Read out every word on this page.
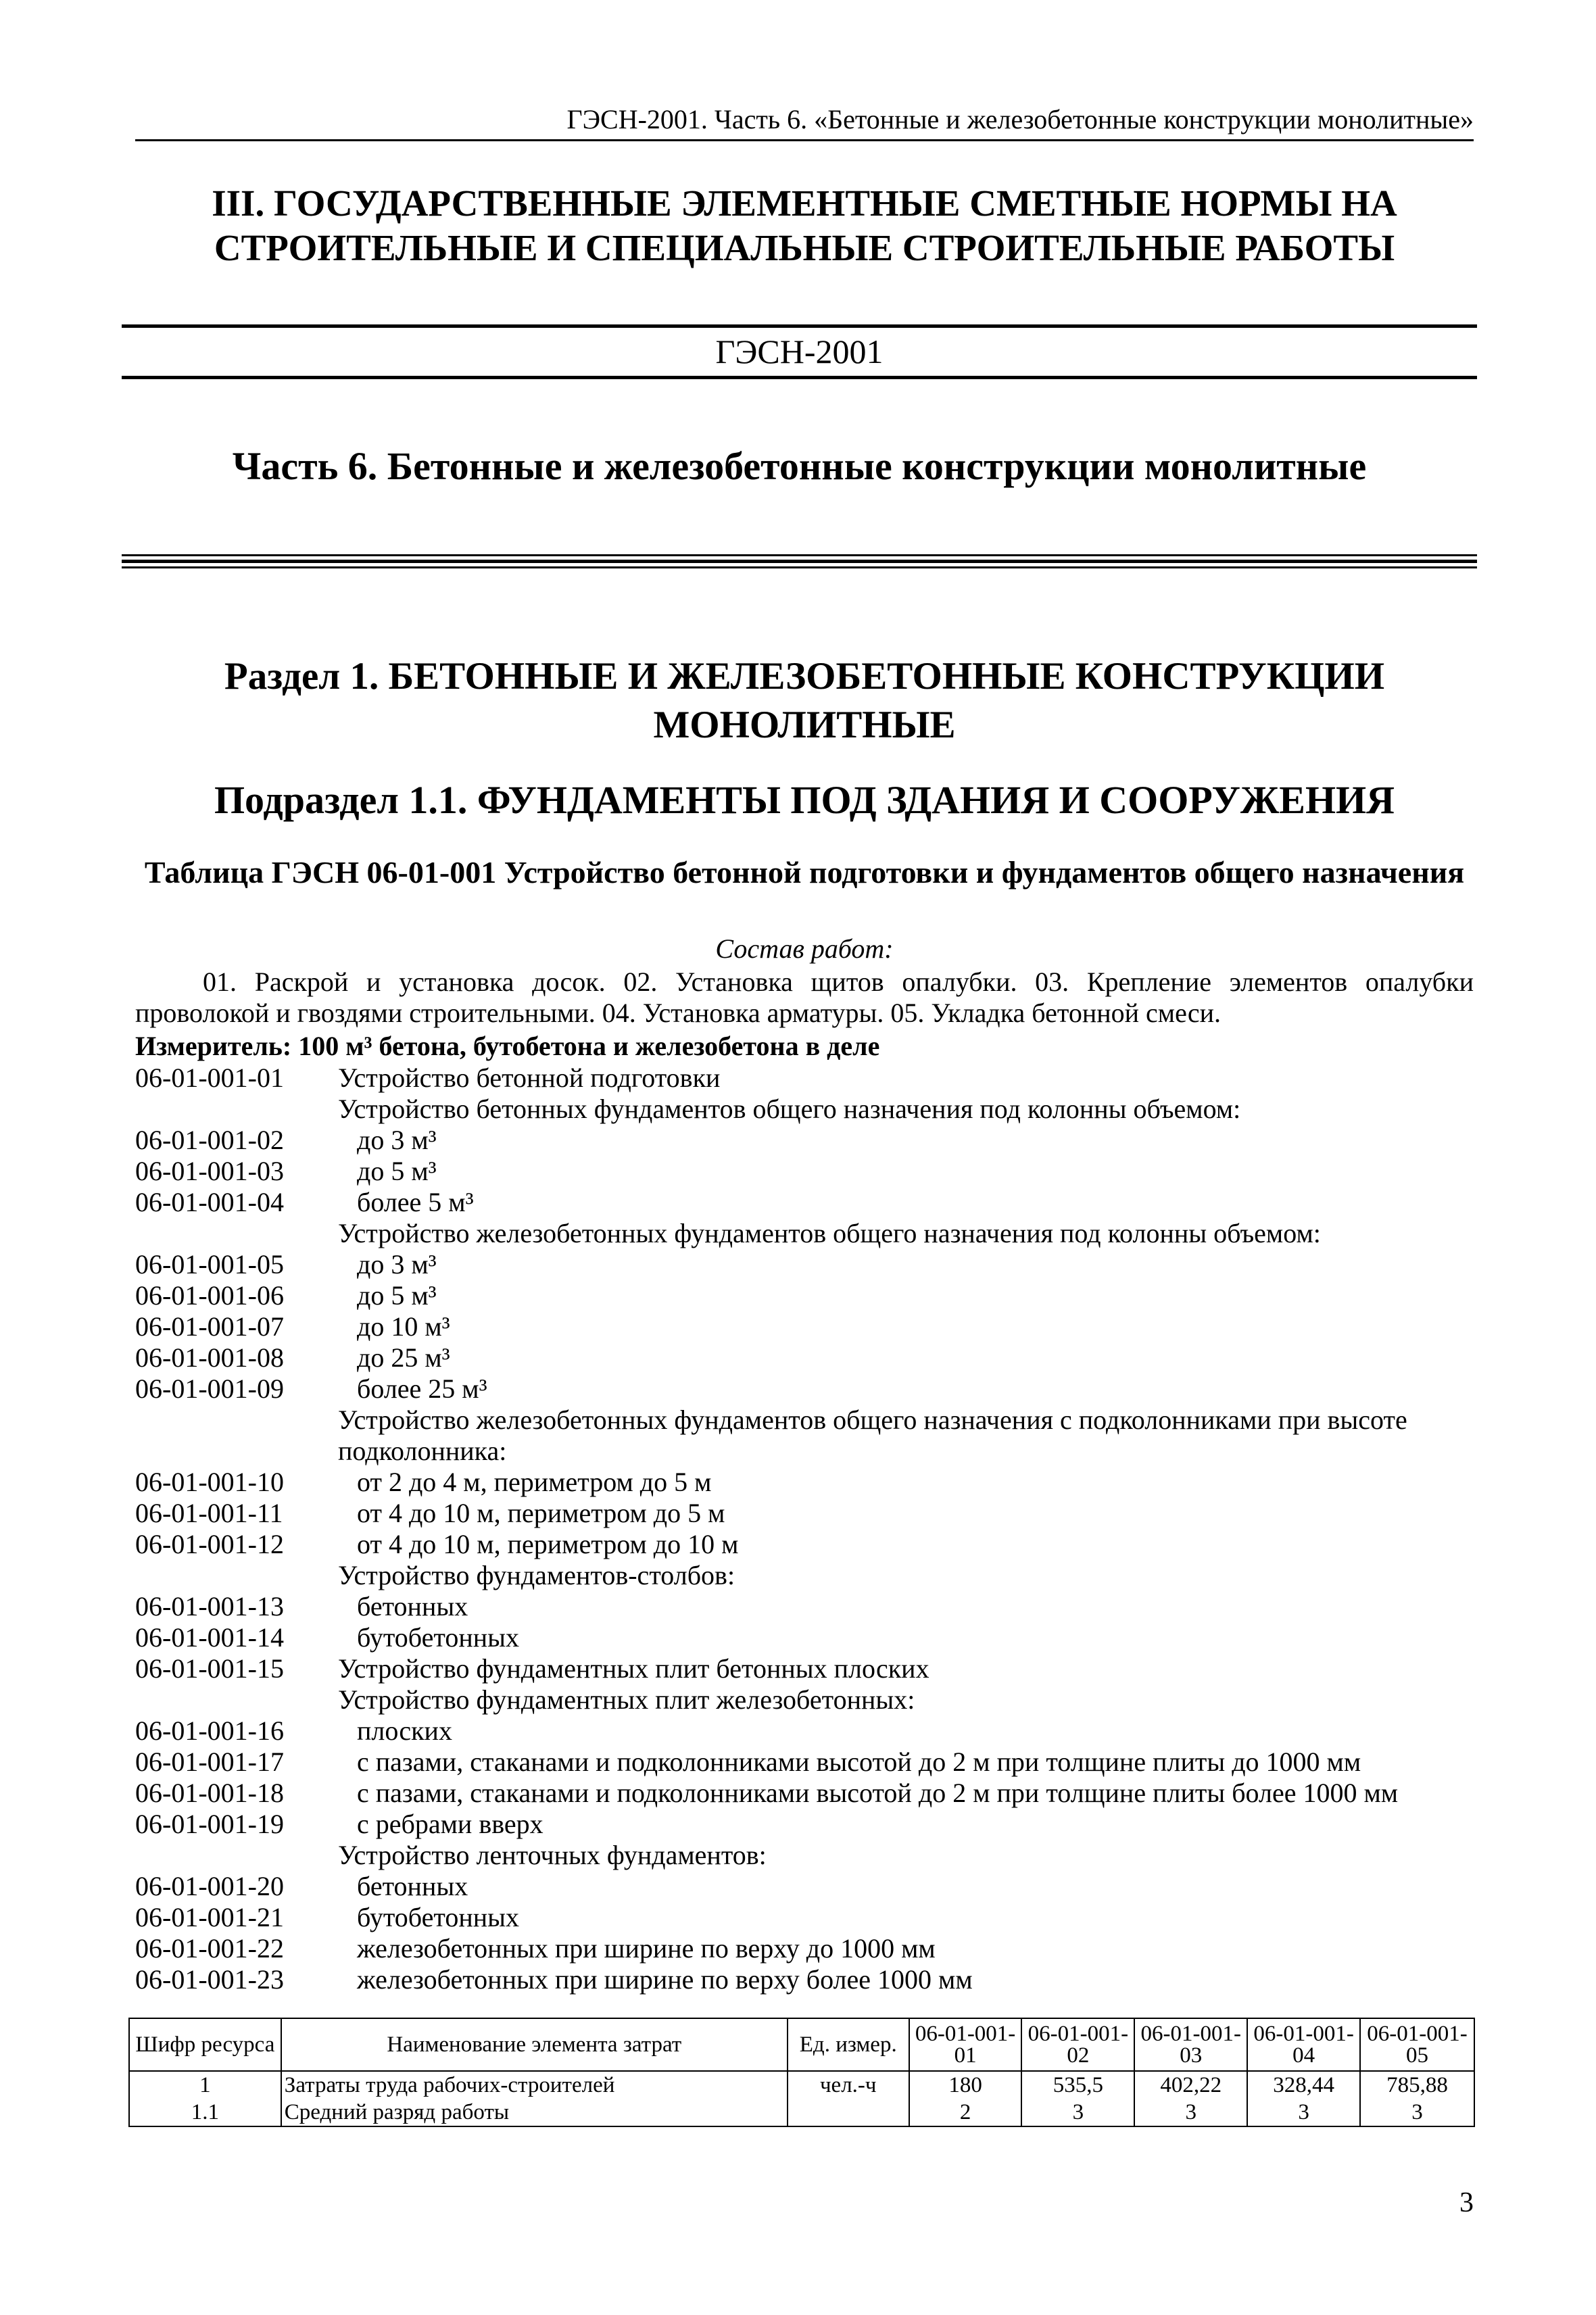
ГЭСН-2001. Часть 6. «Бетонные и железобетонные конструкции монолитные»
III. ГОСУДАРСТВЕННЫЕ ЭЛЕМЕНТНЫЕ СМЕТНЫЕ НОРМЫ НА СТРОИТЕЛЬНЫЕ И СПЕЦИАЛЬНЫЕ СТРОИТЕЛЬНЫЕ РАБОТЫ
ГЭСН-2001
Часть 6. Бетонные и железобетонные конструкции монолитные
Раздел 1. БЕТОННЫЕ И ЖЕЛЕЗОБЕТОННЫЕ КОНСТРУКЦИИ МОНОЛИТНЫЕ
Подраздел 1.1. ФУНДАМЕНТЫ ПОД ЗДАНИЯ И СООРУЖЕНИЯ
Таблица ГЭСН 06-01-001 Устройство бетонной подготовки и фундаментов общего назначения
Состав работ:
01. Раскрой и установка досок. 02. Установка щитов опалубки. 03. Крепление элементов опалубки проволокой и гвоздями строительными. 04. Установка арматуры. 05. Укладка бетонной смеси.
Измеритель: 100 м³ бетона, бутобетона и железобетона в деле
06-01-001-01	Устройство бетонной подготовки
Устройство бетонных фундаментов общего назначения под колонны объемом:
06-01-001-02	до 3 м³
06-01-001-03	до 5 м³
06-01-001-04	более 5 м³
Устройство железобетонных фундаментов общего назначения под колонны объемом:
06-01-001-05	до 3 м³
06-01-001-06	до 5 м³
06-01-001-07	до 10 м³
06-01-001-08	до 25 м³
06-01-001-09	более 25 м³
Устройство железобетонных фундаментов общего назначения с подколонниками при высоте подколонника:
06-01-001-10	от 2 до 4 м, периметром до 5 м
06-01-001-11	от 4 до 10 м, периметром до 5 м
06-01-001-12	от 4 до 10 м, периметром до 10 м
Устройство фундаментов-столбов:
06-01-001-13	бетонных
06-01-001-14	бутобетонных
06-01-001-15	Устройство фундаментных плит бетонных плоских
Устройство фундаментных плит железобетонных:
06-01-001-16	плоских
06-01-001-17	с пазами, стаканами и подколонниками высотой до 2 м при толщине плиты до 1000 мм
06-01-001-18	с пазами, стаканами и подколонниками высотой до 2 м при толщине плиты более 1000 мм
06-01-001-19	с ребрами вверх
Устройство ленточных фундаментов:
06-01-001-20	бетонных
06-01-001-21	бутобетонных
06-01-001-22	железобетонных при ширине по верху до 1000 мм
06-01-001-23	железобетонных при ширине по верху более 1000 мм
Шифр ресурса	Наименование элемента затрат	Ед. измер.	06-01-001-01	06-01-001-02	06-01-001-03	06-01-001-04	06-01-001-05
1	Затраты труда рабочих-строителей	чел.-ч	180	535,5	402,22	328,44	785,88
1.1	Средний разряд работы		2	3	3	3	3
3
